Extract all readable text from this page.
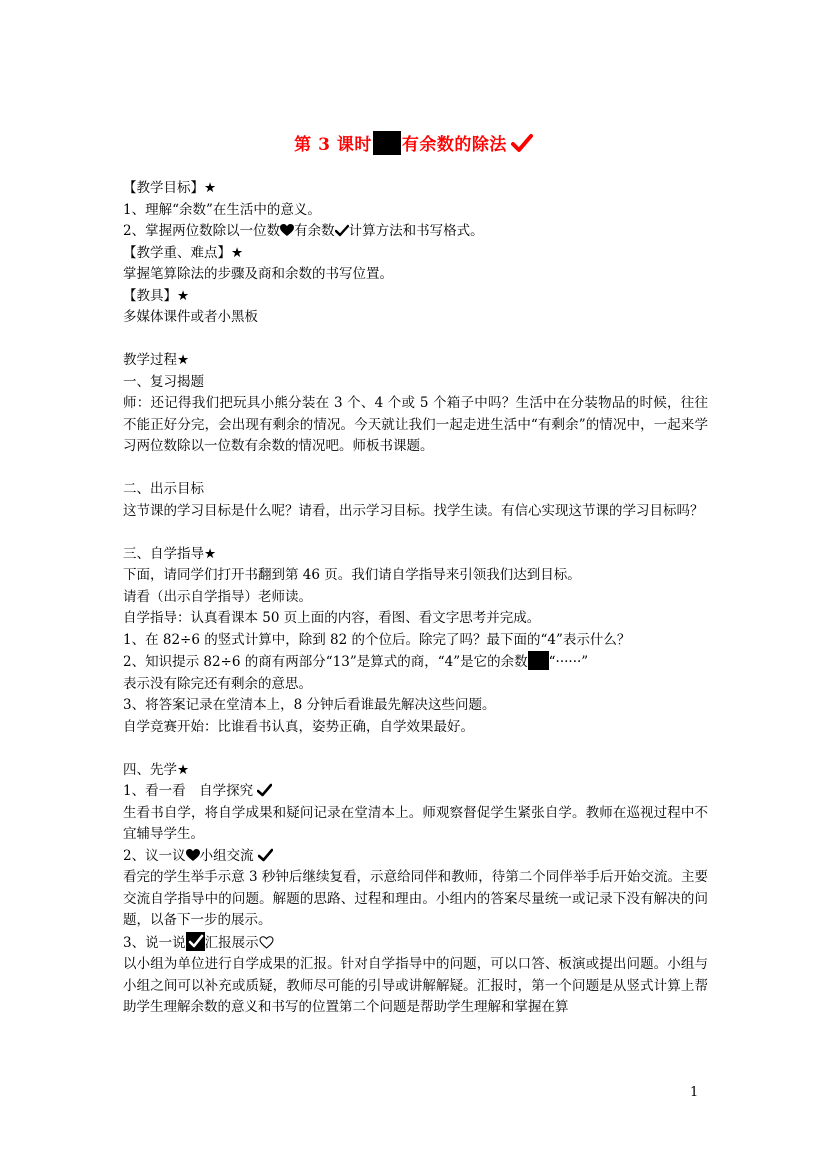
第 3 课时 有余数的除法
【教学目标】★
1、理解“余数”在生活中的意义。
2、掌握两位数除以一位数 有余数 计算方法和书写格式。
【教学重、难点】★
掌握笔算除法的步骤及商和余数的书写位置。
【教具】★
多媒体课件或者小黑板
教学过程★
一、复习揭题
师：还记得我们把玩具小熊分装在 3 个、4 个或 5 个箱子中吗？生活中在分装物品的时候，往往不能正好分完，会出现有剩余的情况。今天就让我们一起走进生活中“有剩余”的情况中，一起来学习两位数除以一位数有余数的情况吧。师板书课题。
二、出示目标
这节课的学习目标是什么呢？请看，出示学习目标。找学生读。有信心实现这节课的学习目标吗？
三、自学指导★
下面，请同学们打开书翻到第 46 页。我们请自学指导来引领我们达到目标。
请看（出示自学指导）老师读。
自学指导：认真看课本 50 页上面的内容，看图、看文字思考并完成。
1、在 82÷6 的竖式计算中，除到 82 的个位后。除完了吗？最下面的“4”表示什么？
2、知识提示 82÷6 的商有两部分“13”是算式的商，“4”是它的余数 “······”
表示没有除完还有剩余的意思。
3、将答案记录在堂清本上，8 分钟后看谁最先解决这些问题。
自学竞赛开始：比谁看书认真，姿势正确，自学效果最好。
四、先学★
1、看一看　自学探究
生看书自学，将自学成果和疑问记录在堂清本上。师观察督促学生紧张自学。教师在巡视过程中不宜辅导学生。
2、议一议 小组交流
看完的学生举手示意 3 秒钟后继续复看，示意给同伴和教师，待第二个同伴举手后开始交流。主要交流自学指导中的问题。解题的思路、过程和理由。小组内的答案尽量统一或记录下没有解决的问题，以备下一步的展示。
3、说一说 汇报展示
以小组为单位进行自学成果的汇报。针对自学指导中的问题，可以口答、板演或提出问题。小组与小组之间可以补充或质疑，教师尽可能的引导或讲解解疑。汇报时，第一个问题是从竖式计算上帮助学生理解余数的意义和书写的位置第二个问题是帮助学生理解和掌握在算
1
